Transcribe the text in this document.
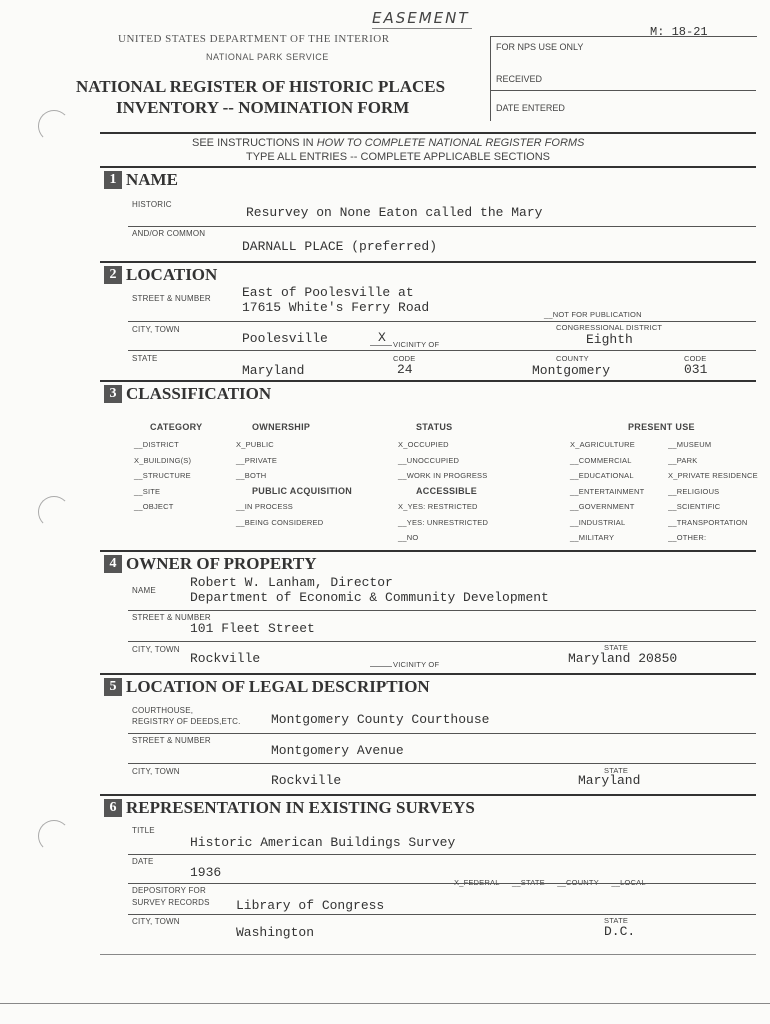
EASEMENT
M: 18-21
UNITED STATES DEPARTMENT OF THE INTERIOR
NATIONAL PARK SERVICE
NATIONAL REGISTER OF HISTORIC PLACES
INVENTORY -- NOMINATION FORM
FOR NPS USE ONLY
RECEIVED
DATE ENTERED
SEE INSTRUCTIONS IN HOW TO COMPLETE NATIONAL REGISTER FORMS
TYPE ALL ENTRIES -- COMPLETE APPLICABLE SECTIONS
1 NAME
HISTORIC
Resurvey on None Eaton called the Mary
AND/OR COMMON
DARNALL PLACE (preferred)
2 LOCATION
STREET & NUMBER East of Poolesville at
17615 White's Ferry Road	__NOT FOR PUBLICATION
CITY, TOWN
Poolesville	X VICINITY OF
CONGRESSIONAL DISTRICT
Eighth
STATE
Maryland
CODE
24
COUNTY
Montgomery
CODE
031
3 CLASSIFICATION
CATEGORY
__DISTRICT
X_BUILDING(S)
__STRUCTURE
__SITE
__OBJECT
OWNERSHIP
X_PUBLIC
__PRIVATE
__BOTH
PUBLIC ACQUISITION
__IN PROCESS
__BEING CONSIDERED
STATUS
X_OCCUPIED
__UNOCCUPIED
__WORK IN PROGRESS
ACCESSIBLE
X_YES: RESTRICTED
__YES: UNRESTRICTED
__NO
PRESENT USE
X_AGRICULTURE
__COMMERCIAL
__EDUCATIONAL
__ENTERTAINMENT
__GOVERNMENT
__INDUSTRIAL
__MILITARY
__MUSEUM
__PARK
X_PRIVATE RESIDENCE
__RELIGIOUS
__SCIENTIFIC
__TRANSPORTATION
__OTHER:
4 OWNER OF PROPERTY
NAME
Robert W. Lanham, Director
Department of Economic & Community Development
STREET & NUMBER
101 Fleet Street
CITY, TOWN
Rockville	VICINITY OF
STATE
Maryland 20850
5 LOCATION OF LEGAL DESCRIPTION
COURTHOUSE,
REGISTRY OF DEEDS,ETC. Montgomery County Courthouse
STREET & NUMBER
Montgomery Avenue
CITY, TOWN
Rockville
STATE
Maryland
6 REPRESENTATION IN EXISTING SURVEYS
TITLE
Historic American Buildings Survey
DATE
1936
X_FEDERAL __STATE __COUNTY __LOCAL
DEPOSITORY FOR
SURVEY RECORDS Library of Congress
CITY, TOWN
Washington
STATE
D.C.
